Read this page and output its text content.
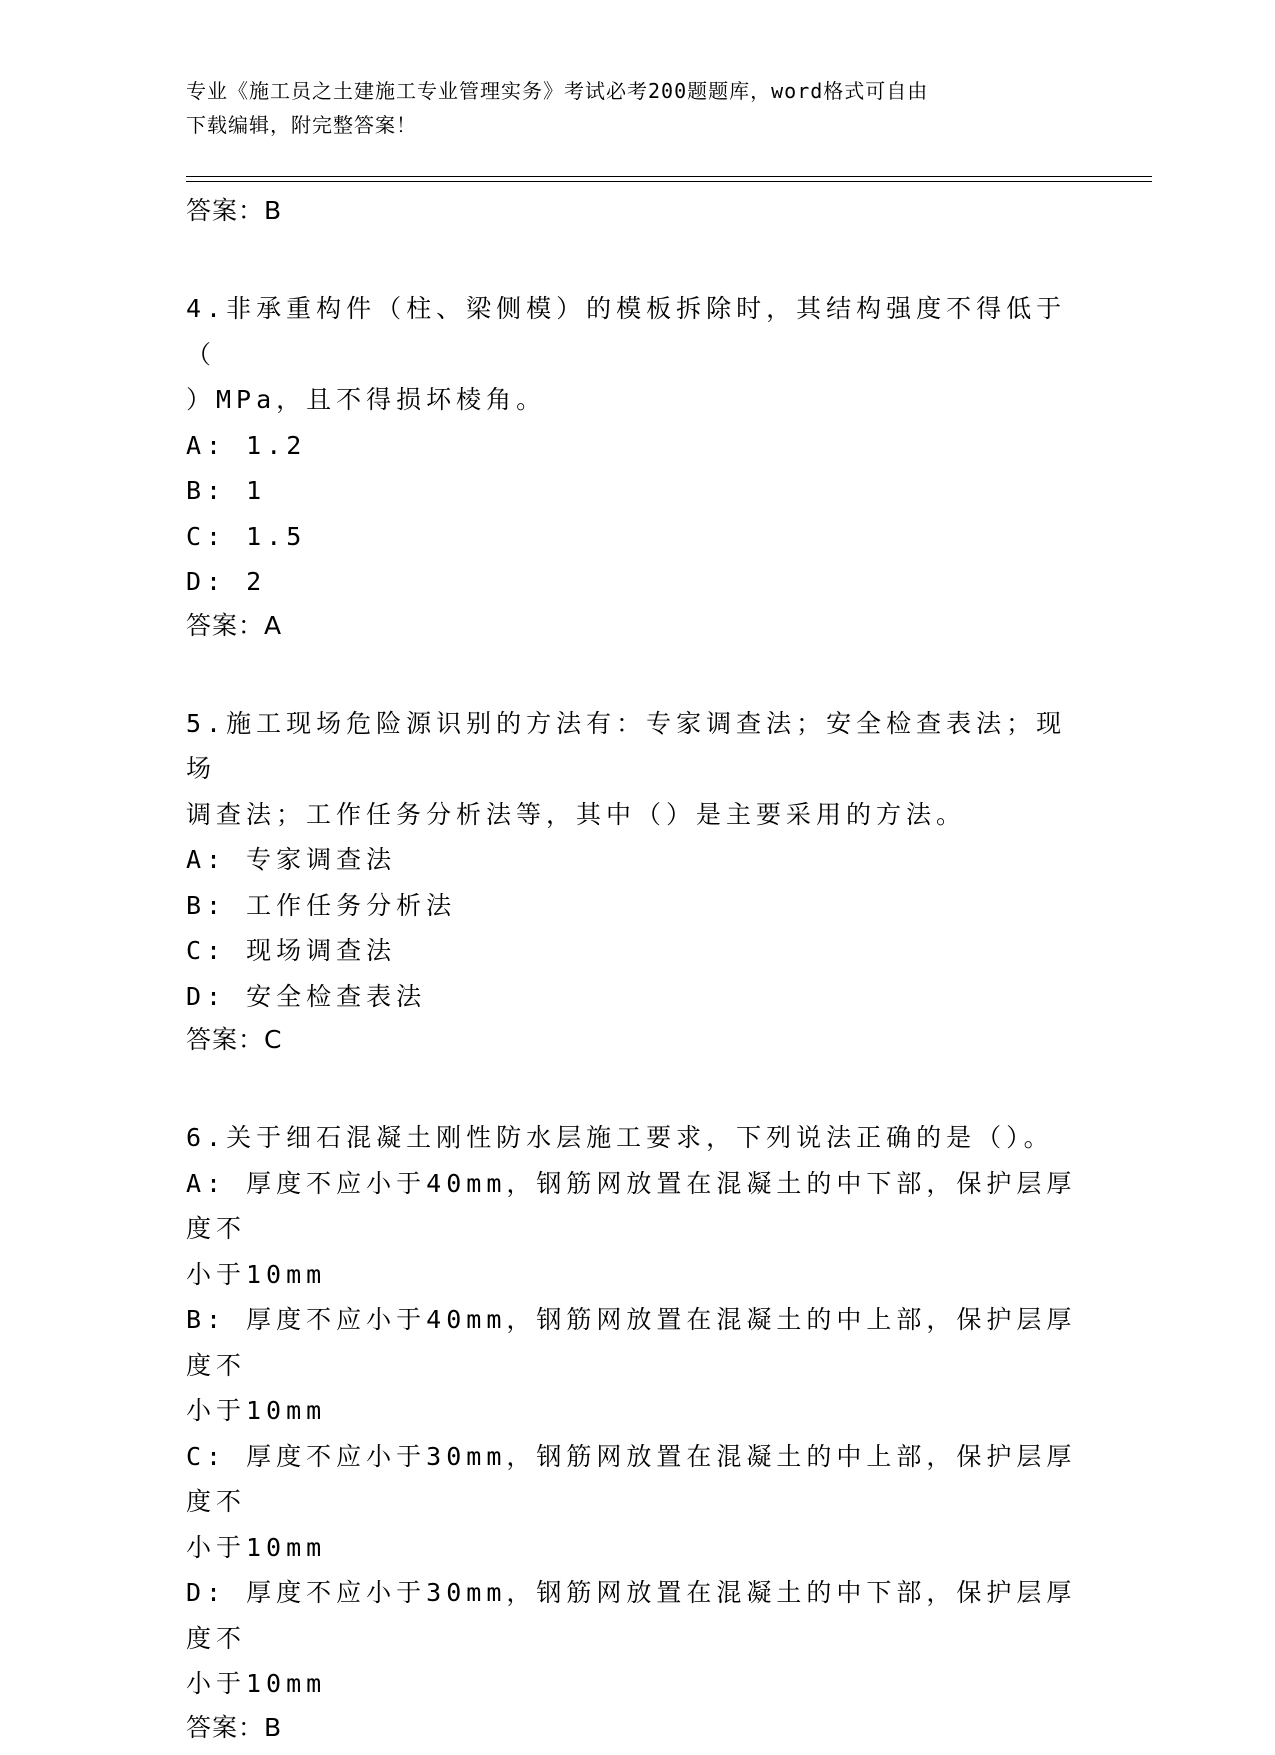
专业《施工员之土建施工专业管理实务》考试必考200题题库，word格式可自由
下载编辑，附完整答案！
答案：B
4.非承重构件（柱、梁侧模）的模板拆除时，其结构强度不得低于（
）MPa，且不得损坏棱角。
A: 1.2
B: 1
C: 1.5
D: 2
答案：A
5.施工现场危险源识别的方法有：专家调查法；安全检查表法；现场
调查法；工作任务分析法等，其中（）是主要采用的方法。
A: 专家调查法
B: 工作任务分析法
C: 现场调查法
D: 安全检查表法
答案：C
6.关于细石混凝土刚性防水层施工要求，下列说法正确的是（）。
A: 厚度不应小于40mm，钢筋网放置在混凝土的中下部，保护层厚度不
小于10mm
B: 厚度不应小于40mm，钢筋网放置在混凝土的中上部，保护层厚度不
小于10mm
C: 厚度不应小于30mm，钢筋网放置在混凝土的中上部，保护层厚度不
小于10mm
D: 厚度不应小于30mm，钢筋网放置在混凝土的中下部，保护层厚度不
小于10mm
答案：B
